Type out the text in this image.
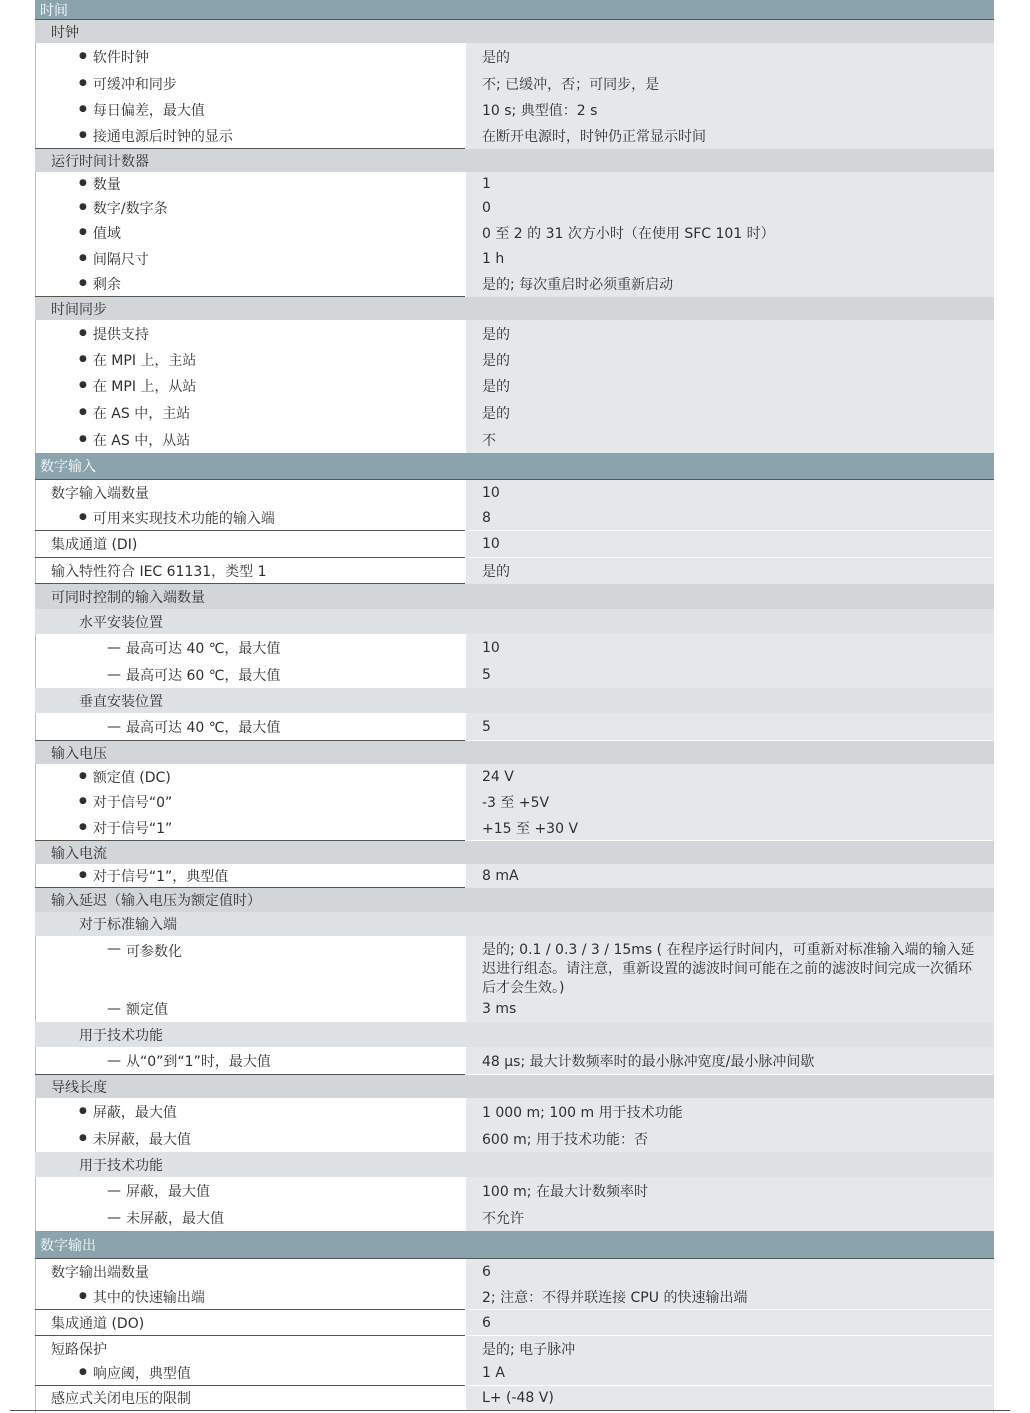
时间
时钟
● 软件时钟	是的
● 可缓冲和同步	不; 已缓冲，否；可同步，是
● 每日偏差，最大值	10 s; 典型值：2 s
● 接通电源后时钟的显示	在断开电源时，时钟仍正常显示时间
运行时间计数器
● 数量	1
● 数字/数字条	0
● 值域	0 至 2 的 31 次方小时（在使用 SFC 101 时）
● 间隔尺寸	1 h
● 剩余	是的; 每次重启时必须重新启动
时间同步
● 提供支持	是的
● 在 MPI 上，主站	是的
● 在 MPI 上，从站	是的
● 在 AS 中，主站	是的
● 在 AS 中，从站	不
数字输入
数字输入端数量	10
● 可用来实现技术功能的输入端	8
集成通道 (DI)	10
输入特性符合 IEC 61131，类型 1	是的
可同时控制的输入端数量
水平安装位置
— 最高可达 40 ℃，最大值	10
— 最高可达 60 ℃，最大值	5
垂直安装位置
— 最高可达 40 ℃，最大值	5
输入电压
● 额定值 (DC)	24 V
● 对于信号“0”	-3 至 +5V
● 对于信号“1”	+15 至 +30 V
输入电流
● 对于信号“1”，典型值	8 mA
输入延迟（输入电压为额定值时）
对于标准输入端
— 可参数化	是的; 0.1 / 0.3 / 3 / 15ms ( 在程序运行时间内，可重新对标准输入端的输入延迟进行组态。请注意，重新设置的滤波时间可能在之前的滤波时间完成一次循环后才会生效。)
— 额定值	3 ms
用于技术功能
— 从“0”到“1”时，最大值	48 μs; 最大计数频率时的最小脉冲宽度/最小脉冲间歇
导线长度
● 屏蔽，最大值	1 000 m; 100 m 用于技术功能
● 未屏蔽，最大值	600 m; 用于技术功能：否
用于技术功能
— 屏蔽，最大值	100 m; 在最大计数频率时
— 未屏蔽，最大值	不允许
数字输出
数字输出端数量	6
● 其中的快速输出端	2; 注意：不得并联连接 CPU 的快速输出端
集成通道 (DO)	6
短路保护	是的; 电子脉冲
● 响应阈，典型值	1 A
感应式关闭电压的限制	L+ (-48 V)
